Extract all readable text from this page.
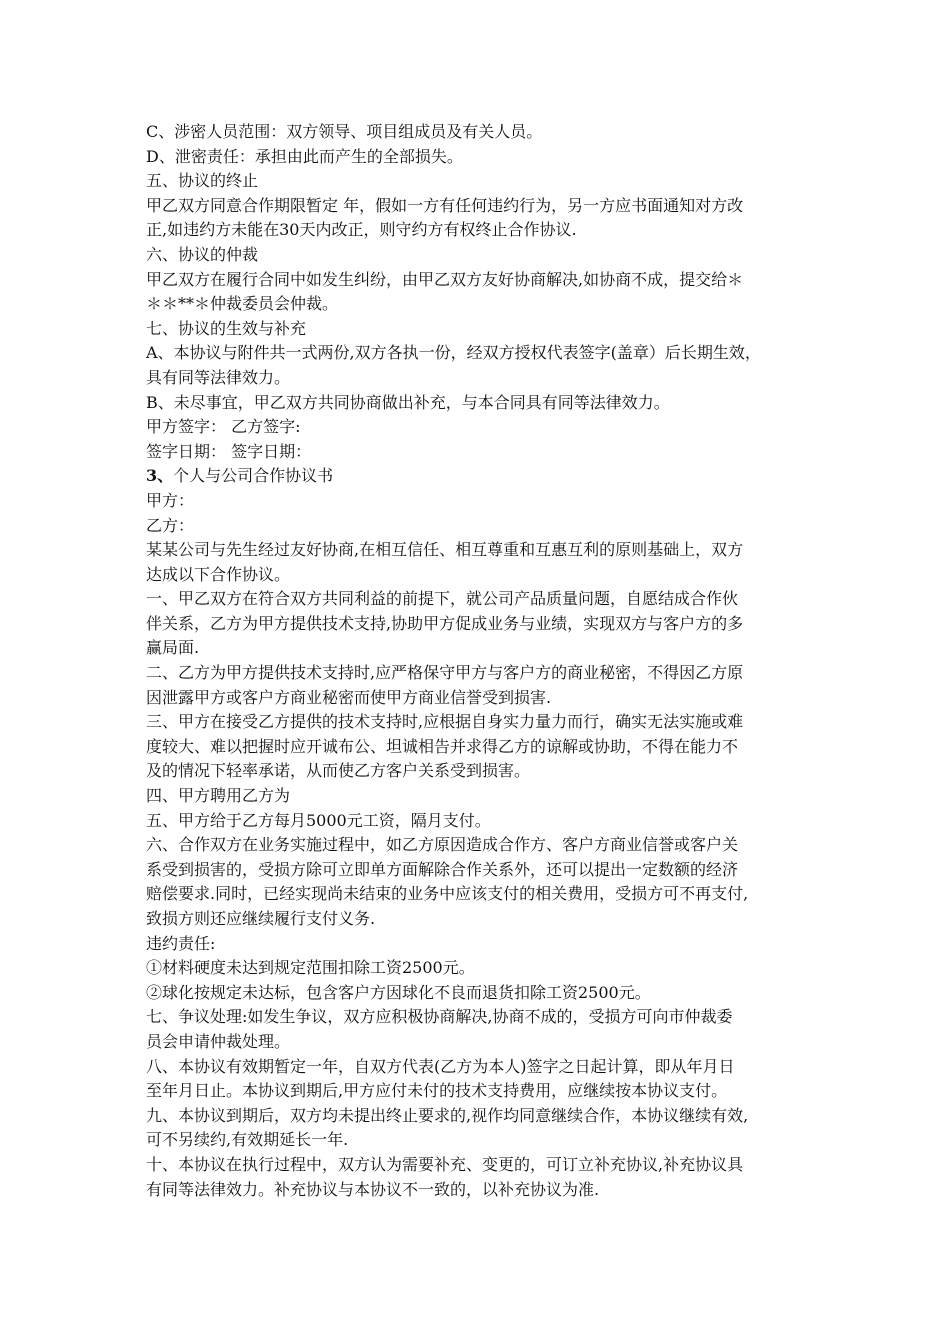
C、涉密人员范围：双方领导、项目组成员及有关人员。
D、泄密责任：承担由此而产生的全部损失。
五、协议的终止
甲乙双方同意合作期限暂定 年，假如一方有任何违约行为，另一方应书面通知对方改
正,如违约方未能在30天内改正，则守约方有权终止合作协议.
六、协议的仲裁
甲乙双方在履行合同中如发生纠纷，由甲乙双方友好协商解决,如协商不成，提交给＊
＊＊**＊仲裁委员会仲裁。
七、协议的生效与补充
A、本协议与附件共一式两份,双方各执一份，经双方授权代表签字(盖章）后长期生效，
具有同等法律效力。
B、未尽事宜，甲乙双方共同协商做出补充，与本合同具有同等法律效力。
甲方签字： 乙方签字:
签字日期： 签字日期：
3、个人与公司合作协议书
甲方：
乙方：
某某公司与先生经过友好协商,在相互信任、相互尊重和互惠互利的原则基础上，双方
达成以下合作协议。
一、甲乙双方在符合双方共同利益的前提下，就公司产品质量问题，自愿结成合作伙
伴关系，乙方为甲方提供技术支持,协助甲方促成业务与业绩，实现双方与客户方的多
赢局面.
二、乙方为甲方提供技术支持时,应严格保守甲方与客户方的商业秘密，不得因乙方原
因泄露甲方或客户方商业秘密而使甲方商业信誉受到损害.
三、甲方在接受乙方提供的技术支持时,应根据自身实力量力而行，确实无法实施或难
度较大、难以把握时应开诚布公、坦诚相告并求得乙方的谅解或协助，不得在能力不
及的情况下轻率承诺，从而使乙方客户关系受到损害。
四、甲方聘用乙方为
五、甲方给于乙方每月5000元工资，隔月支付。
六、合作双方在业务实施过程中，如乙方原因造成合作方、客户方商业信誉或客户关
系受到损害的，受损方除可立即单方面解除合作关系外，还可以提出一定数额的经济
赔偿要求.同时，已经实现尚未结束的业务中应该支付的相关费用，受损方可不再支付,
致损方则还应继续履行支付义务.
违约责任:
①材料硬度未达到规定范围扣除工资2500元。
②球化按规定未达标，包含客户方因球化不良而退货扣除工资2500元。
七、争议处理:如发生争议，双方应积极协商解决,协商不成的，受损方可向市仲裁委
员会申请仲裁处理。
八、本协议有效期暂定一年，自双方代表(乙方为本人)签字之日起计算，即从年月日
至年月日止。本协议到期后,甲方应付未付的技术支持费用，应继续按本协议支付。
九、本协议到期后，双方均未提出终止要求的,视作均同意继续合作，本协议继续有效,
可不另续约,有效期延长一年.
十、本协议在执行过程中，双方认为需要补充、变更的，可订立补充协议,补充协议具
有同等法律效力。补充协议与本协议不一致的，以补充协议为准.
